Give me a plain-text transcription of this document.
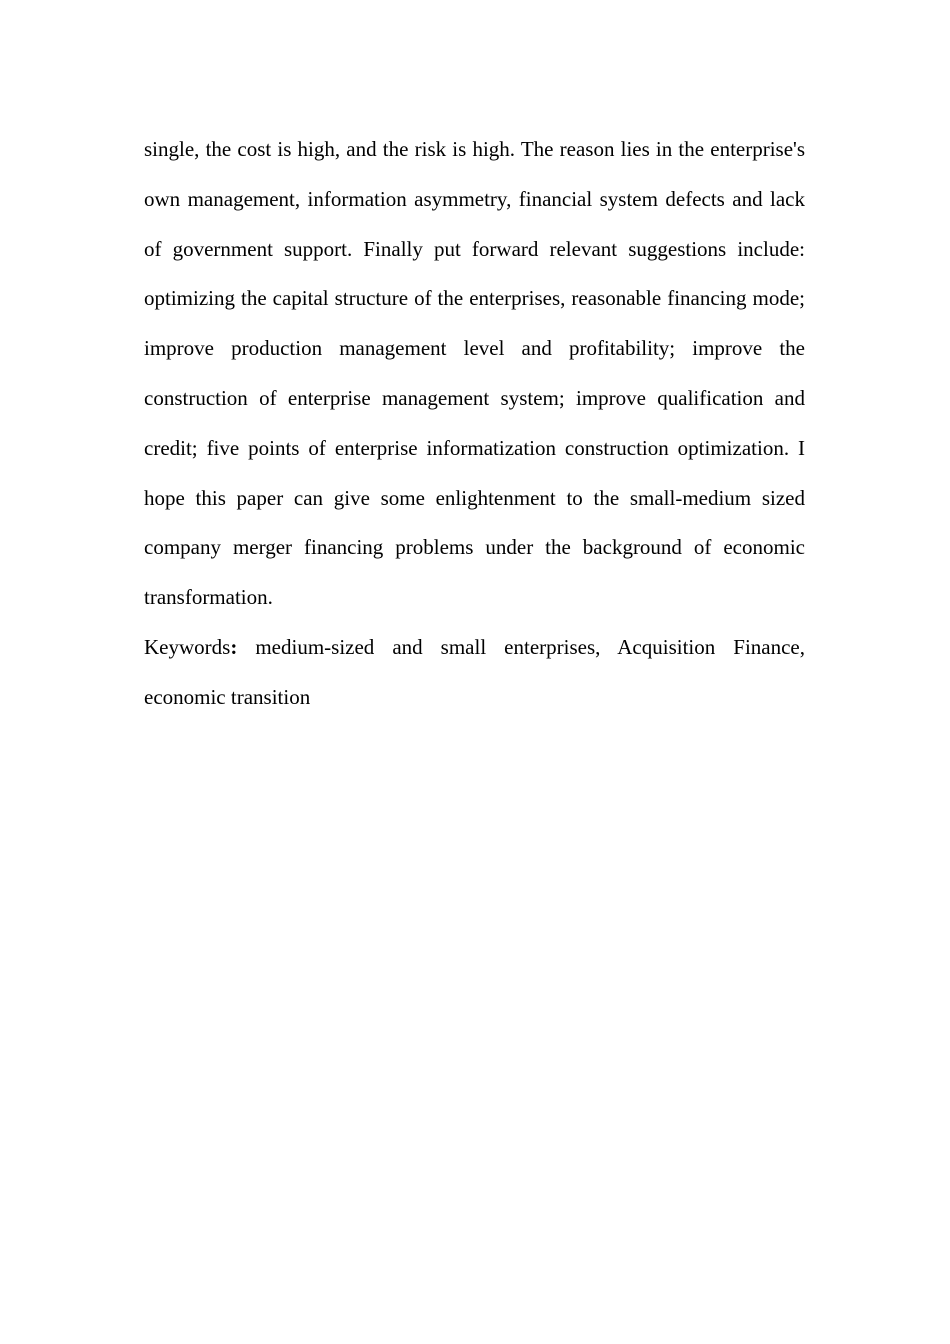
single, the cost is high, and the risk is high. The reason lies in the enterprise's own management, information asymmetry, financial system defects and lack of government support. Finally put forward relevant suggestions include: optimizing the capital structure of the enterprises, reasonable financing mode; improve production management level and profitability; improve the construction of enterprise management system; improve qualification and credit; five points of enterprise informatization construction optimization. I hope this paper can give some enlightenment to the small-medium sized company merger financing problems under the background of economic transformation.

Keywords: medium-sized and small enterprises, Acquisition Finance, economic transition
